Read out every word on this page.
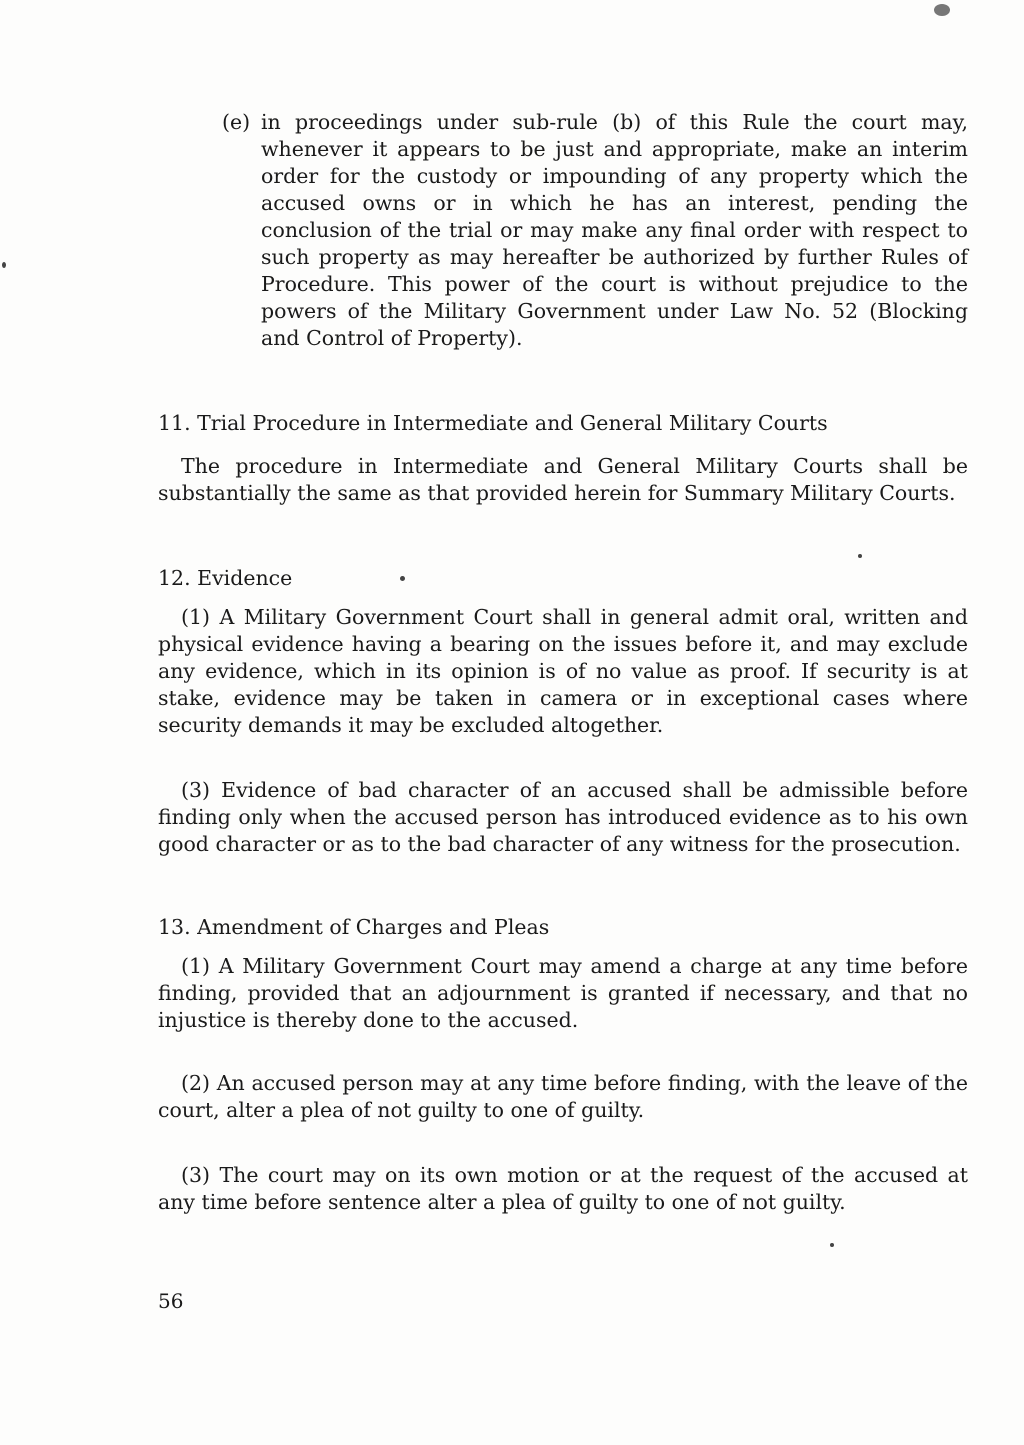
(e) in proceedings under sub-rule (b) of this Rule the court may, whenever it appears to be just and appropriate, make an interim order for the custody or impounding of any property which the accused owns or in which he has an interest, pending the conclusion of the trial or may make any final order with respect to such property as may hereafter be authorized by further Rules of Procedure. This power of the court is without prejudice to the powers of the Military Government under Law No. 52 (Blocking and Control of Property).
11. Trial Procedure in Intermediate and General Military Courts

The procedure in Intermediate and General Military Courts shall be substantially the same as that provided herein for Summary Military Courts.

12. Evidence

(1) A Military Government Court shall in general admit oral, written and physical evidence having a bearing on the issues before it, and may exclude any evidence, which in its opinion is of no value as proof. If security is at stake, evidence may be taken in camera or in exceptional cases where security demands it may be excluded altogether.

(3) Evidence of bad character of an accused shall be admissible before finding only when the accused person has introduced evidence as to his own good character or as to the bad character of any witness for the prosecution.

13. Amendment of Charges and Pleas

(1) A Military Government Court may amend a charge at any time before finding, provided that an adjournment is granted if necessary, and that no injustice is thereby done to the accused.

(2) An accused person may at any time before finding, with the leave of the court, alter a plea of not guilty to one of guilty.

(3) The court may on its own motion or at the request of the accused at any time before sentence alter a plea of guilty to one of not guilty.

56
